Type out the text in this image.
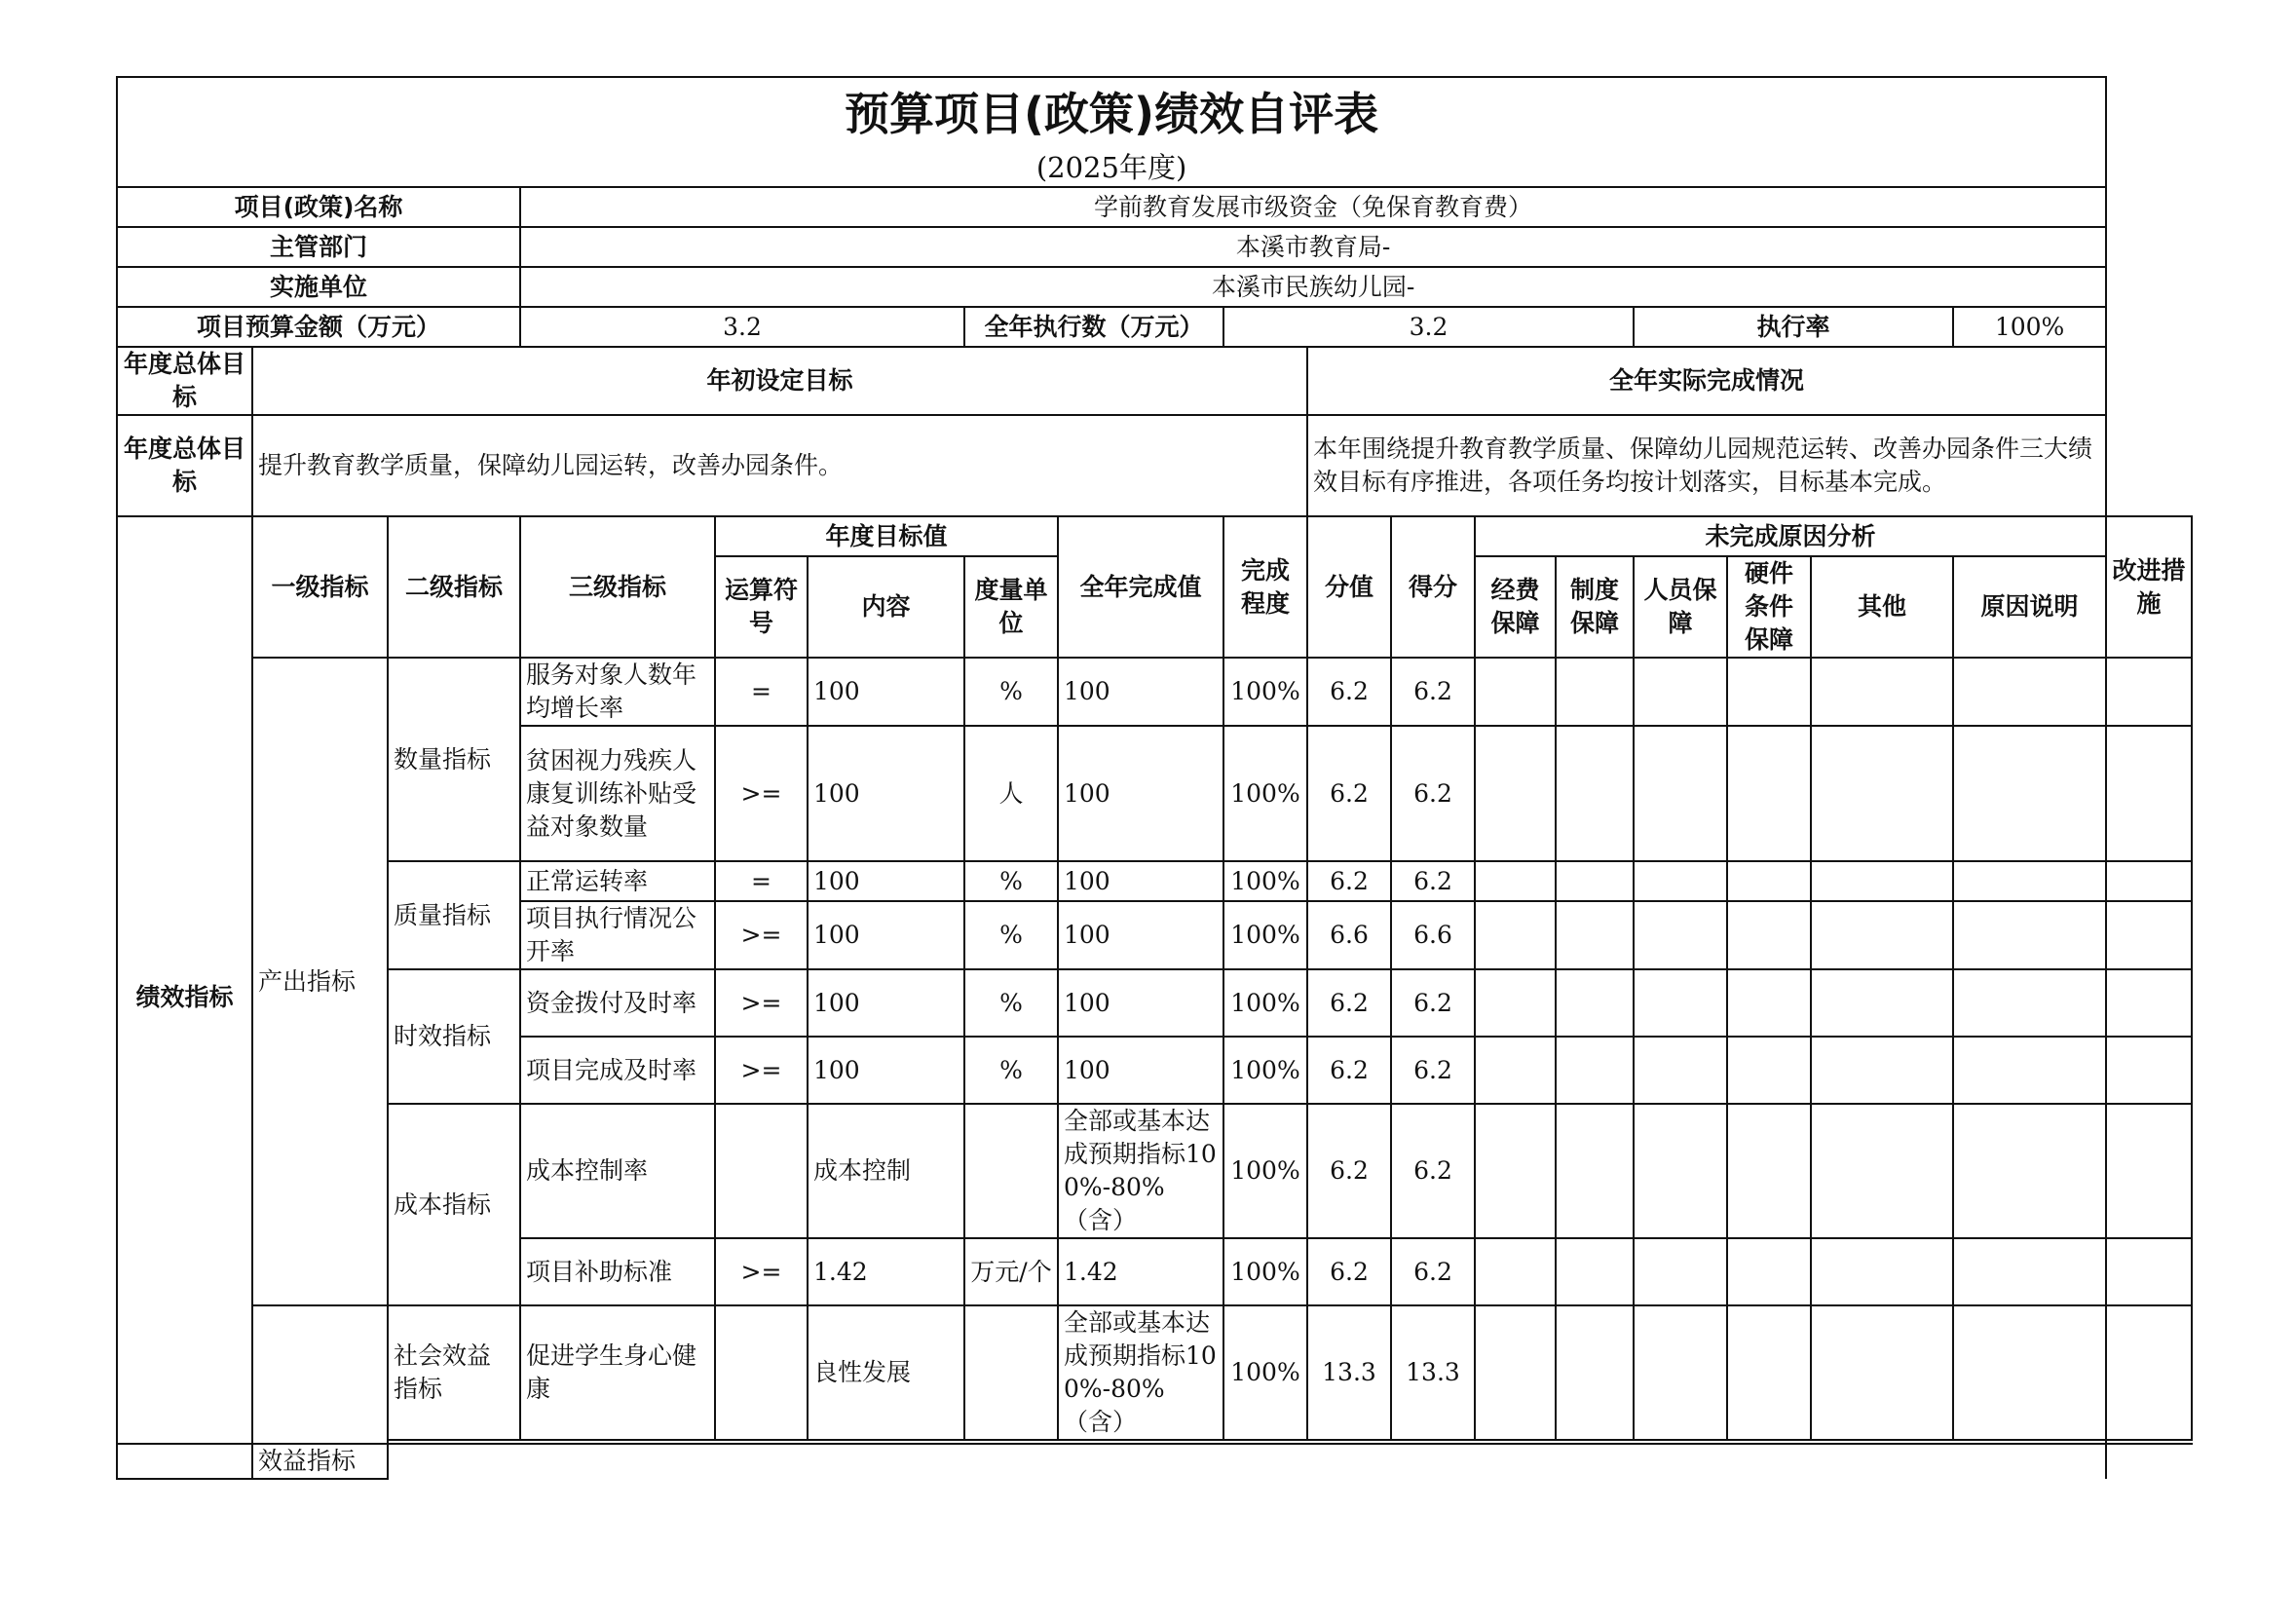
预算项目(政策)绩效自评表																	
(2025年度)																	
项目(政策)名称			学前教育发展市级资金（免保育教育费）														
主管部门			本溪市教育局-														
实施单位			本溪市民族幼儿园-														
项目预算金额（万元）			3.2			全年执行数（万元）		3.2					执行率			100%	
年度总体目标	年初设定目标								全年实际完成情况								
年度总体目标	提升教育教学质量，保障幼儿园运转，改善办园条件。								本年围绕提升教育教学质量、保障幼儿园规范运转、改善办园条件三大绩效目标有序推进，各项任务均按计划落实，目标基本完成。								
绩效指标	一级指标	二级指标	三级指标	年度目标值			全年完成值	完成程度	分值	得分	未完成原因分析						改进措施
				运算符号	内容	度量单位					经费保障	制度保障	人员保障	硬件条件保障	其他	原因说明	
	产出指标	数量指标	服务对象人数年均增长率	=	100	%	100	100%	6.2	6.2							
			贫困视力残疾人康复训练补贴受益对象数量	>=	100	人	100	100%	6.2	6.2							
		质量指标	正常运转率	=	100	%	100	100%	6.2	6.2							
			项目执行情况公开率	>=	100	%	100	100%	6.6	6.6							
		时效指标	资金拨付及时率	>=	100	%	100	100%	6.2	6.2							
			项目完成及时率	>=	100	%	100	100%	6.2	6.2							
		成本指标	成本控制率		成本控制		全部或基本达成预期指标100%-80%（含）	100%	6.2	6.2							
			项目补助标准	>=	1.42	万元/个	1.42	100%	6.2	6.2							
	效益指标	社会效益指标	促进学生身心健康		良性发展		全部或基本达成预期指标100%-80%（含）	100%	13.3	13.3							
